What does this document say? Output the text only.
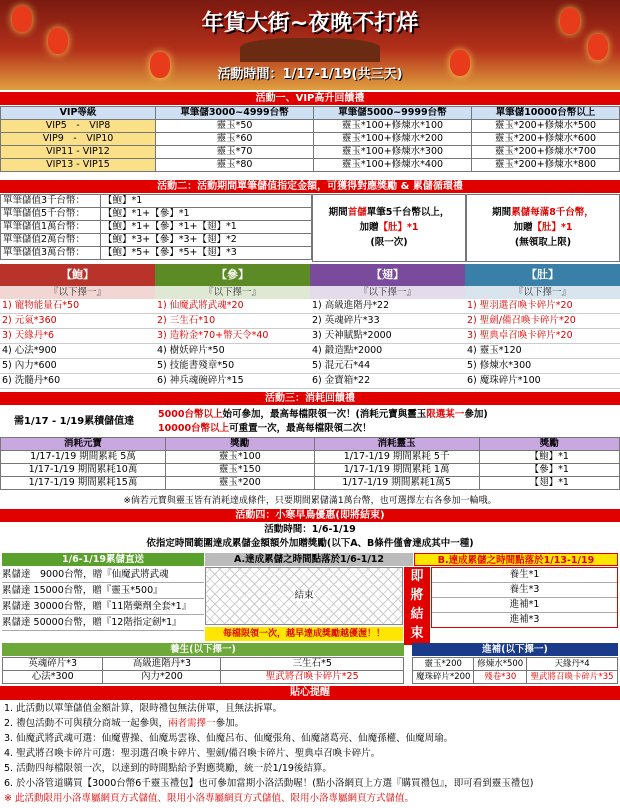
年貨大街~夜晚不打烊
活動時間：1/17-1/19(共三天)
活動一、VIP高升回饋禮
VIP等級	單筆儲3000~4999台幣	單筆儲5000~9999台幣	單筆儲10000台幣以上
VIP5　-　VIP8	靈玉*50	靈玉*100+修煉水*100	靈玉*200+修煉水*500
VIP9　-　VIP10	靈玉*60	靈玉*100+修煉水*200	靈玉*200+修煉水*600
VIP11 - VIP12	靈玉*70	靈玉*100+修煉水*300	靈玉*200+修煉水*700
VIP13 - VIP15	靈玉*80	靈玉*100+修煉水*400	靈玉*200+修煉水*800
活動二：活動期間單筆儲值指定金額，可獲得對應獎勵 & 累儲循環禮
單筆儲值3千台幣：	【鮑】*1
單筆儲值5千台幣：	【鮑】*1+【參】*1
單筆儲值1萬台幣：	【鮑】*1+【參】*1+【翅】*1
單筆儲值2萬台幣：	【鮑】*3+【參】*3+【翅】*2
單筆儲值3萬台幣：	【鮑】*5+【參】*5+【翅】*3
期間首儲單筆5千台幣以上，
加贈【肚】*1
(限一次)
期間累儲每滿8千台幣，
加贈【肚】*1
(無領取上限)
【鮑】
『以下擇一』
1) 寵物能量石*50
2) 元氣*360
3) 天緣丹*6
4) 心法*900
5) 內力*600
6) 洗髓丹*60
【參】
『以下擇一』
1) 仙魔武將武魂*20
2) 三生石*10
3) 造粉金*70+幣天令*40
4) 樹妖碎片*50
5) 技能書殘章*50
6) 神兵魂碗碎片*15
【翅】
『以下擇一』
1) 高級進階丹*22
2) 英魂碎片*33
3) 天神賦點*2000
4) 鍛造點*2000
5) 混元石*44
6) 金寶箱*22
【肚】
『以下擇一』
1) 聖羽選召喚卡碎片*20
2) 聖劍/備召喚卡碎片*20
3) 聖典卓召喚卡碎片*20
4) 靈玉*120
5) 修煉水*300
6) 魔珠碎片*100
活動三：消耗回饋禮
需1/17 - 1/19累積儲值達
5000台幣以上始可參加，最高每檔限領一次！(消耗元寶與靈玉限選某一參加)
10000台幣以上可重置一次，最高每檔限領二次！
消耗元寶	獎勵	消耗靈玉	獎勵
1/17-1/19 期間累耗 5萬	靈玉*100	1/17-1/19 期間累耗 5千	【鮑】*1
1/17-1/19 期間累耗10萬	靈玉*150	1/17-1/19 期間累耗 1萬	【參】*1
1/17-1/19 期間累耗15萬	靈玉*200	1/17-1/19 期間累耗1萬5	【翅】*1
※倘若元寶與靈玉皆有消耗達成條件，只要期間累儲滿1萬台幣，也可選擇左右各參加一輪哦。
活動四：小寒早鳥優惠(即將結束)
活動時間：1/6-1/19
依指定時間範圍達成累儲金額額外加贈獎勵(以下A、B條件僅會達成其中一種)
1/6-1/19累儲直送	A.達成累儲之時間點落於1/6-1/12	B.達成累儲之時間點落於1/13-1/19
累儲達　9000台幣，贈『仙魔武將武魂
累儲達 15000台幣，贈『靈玉*500』
累儲達 30000台幣，贈『11階藥劑全套*1』
累儲達 50000台幣，贈『12階指定劍*1』
結束
即
將
結
束
養生*1
養生*3
進補*1
進補*3
每檔限領一次，越早達成獎勵越優渥！！
養生(以下擇一)	進補(以下擇一)
英魂碎片*3	高級進階丹*3	三生石*5
心法*300	內力*200	聖武將召喚卡碎片*25
靈玉*200	修煉水*500	天緣丹*4
魔珠碎片*200	殘卷*30	聖武將召喚卡碎片*35
貼心提醒
1. 此活動以單筆儲值金額計算，限時禮包無法併單，且無法拆單。
2. 禮包活動不可與積分商城一起參與，兩者需擇一參加。
3. 仙魔武將武魂可選：仙魔曹操、仙魔馬雲祿、仙魔呂布、仙魔張角、仙魔諸葛亮、仙魔孫權、仙魔周瑜。
4. 聖武將召喚卡碎片可選：聖羽選召喚卡碎片、聖劍/備召喚卡碎片、聖典卓召喚卡碎片。
5. 活動四每檔限領一次，以達到的時間點給予對應獎勵，統一於1/19後結算。
6. 於小洛管道購買【3000台幣6千靈玉禮包】也可參加當期小洛活動喔！(點小洛網頁上方選『購買禮包』，即可看到靈玉禮包)
※ 此活動限用小洛專屬網頁方式儲值、限用小洛專屬網頁方式儲值、限用小洛專屬網頁方式儲值。
